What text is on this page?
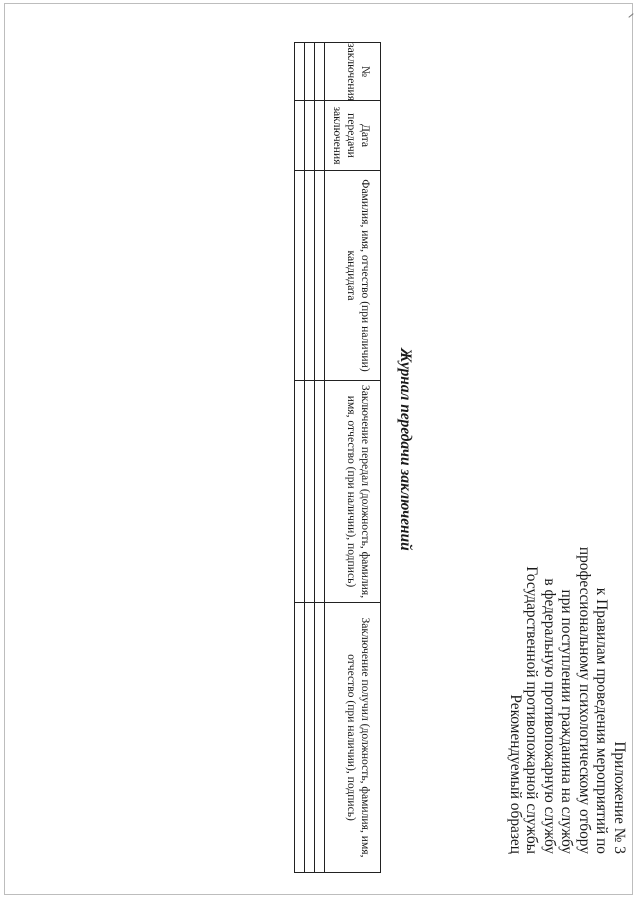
Приложение № 3
к Правилам проведения мероприятий по
профессиональному психологическому отбору
при поступлении гражданина на службу
в федеральную противопожарную службу
Государственной противопожарной службы
Рекомендуемый образец
Журнал передачи заключений
№ заключения	Дата передачи заключения	Фамилия, имя, отчество (при наличии) кандидата	Заключение передал (должность, фамилия, имя, отчество (при наличии), подпись)	Заключение получил (должность, фамилия, имя, отчество (при наличии), подпись)
